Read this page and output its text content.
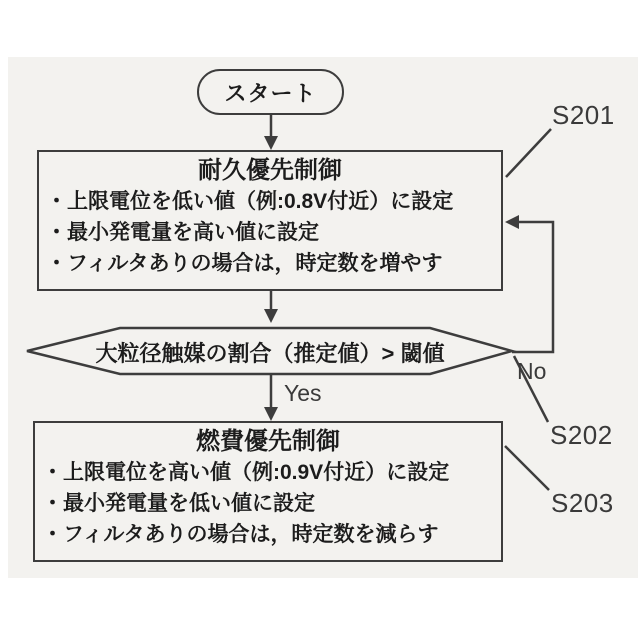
スタート
耐久優先制御
・上限電位を低い値（例:0.8V付近）に設定
・最小発電量を高い値に設定
・フィルタありの場合は，時定数を増やす
大粒径触媒の割合（推定値）> 閾値
燃費優先制御
・上限電位を高い値（例:0.9V付近）に設定
・最小発電量を低い値に設定
・フィルタありの場合は，時定数を減らす
Yes
No
S201
S202
S203
